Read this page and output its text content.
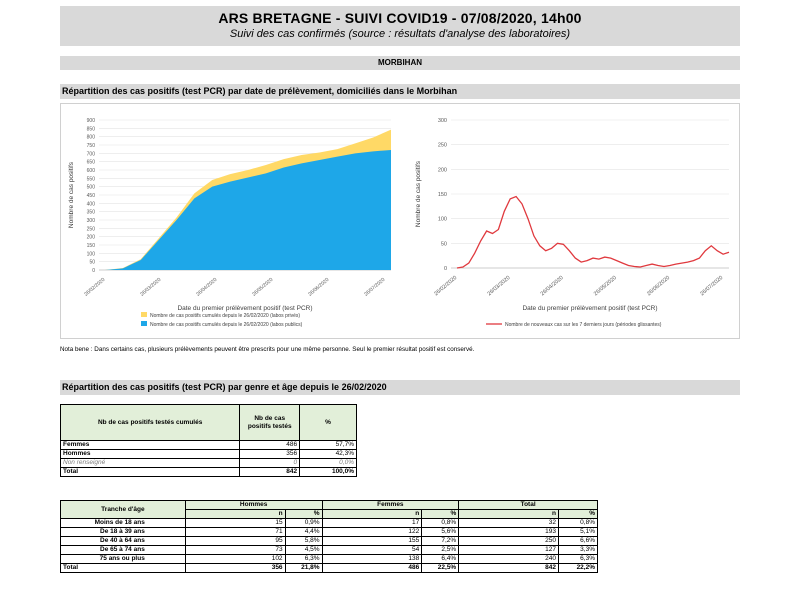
ARS BRETAGNE - SUIVI COVID19 - 07/08/2020, 14h00
Suivi des cas confirmés (source : résultats d'analyse des laboratoires)
MORBIHAN
Répartition des cas positifs (test PCR) par date de prélèvement, domiciliés dans le Morbihan
0
50
100
150
200
250
300
350
400
450
500
550
600
650
700
750
800
850
900
26/02/2020	26/03/2020	26/04/2020	26/05/2020	26/06/2020	26/07/2020
Date du premier prélèvement positif (test PCR)
Nombre de cas positifs
Nombre de cas positifs cumulés depuis le 26/02/2020 (labos privés)
Nombre de cas positifs cumulés depuis le 26/02/2020 (labos publics)
0
50
100
150
200
250
300
26/02/2020	26/03/2020	26/04/2020	26/05/2020	26/06/2020	26/07/2020
Date du premier prélèvement positif (test PCR)
Nombre de cas positifs
Nombre de nouveaux cas sur les 7 derniers jours (périodes glissantes)
Nota bene : Dans certains cas, plusieurs prélèvements peuvent être prescrits pour une même personne. Seul le premier résultat positif est conservé.
Répartition des cas positifs (test PCR) par genre et âge depuis le 26/02/2020
Nb de cas positifs testés cumulés	Nb de cas positifs testés	%
Femmes	486	57,7%
Hommes	356	42,3%
Non renseigné	0	0,0%
Total	842	100,0%
Tranche d'âge	Hommes		Femmes		Total	
	n	%	n	%	n	%
Moins de 18 ans	15	0,9%	17	0,8%	32	0,8%
De 18 à 39 ans	71	4,4%	122	5,6%	193	5,1%
De 40 à 64 ans	95	5,8%	155	7,2%	250	6,6%
De 65 à 74 ans	73	4,5%	54	2,5%	127	3,3%
75 ans ou plus	102	6,3%	138	6,4%	240	6,3%
Total	356	21,8%	486	22,5%	842	22,2%
